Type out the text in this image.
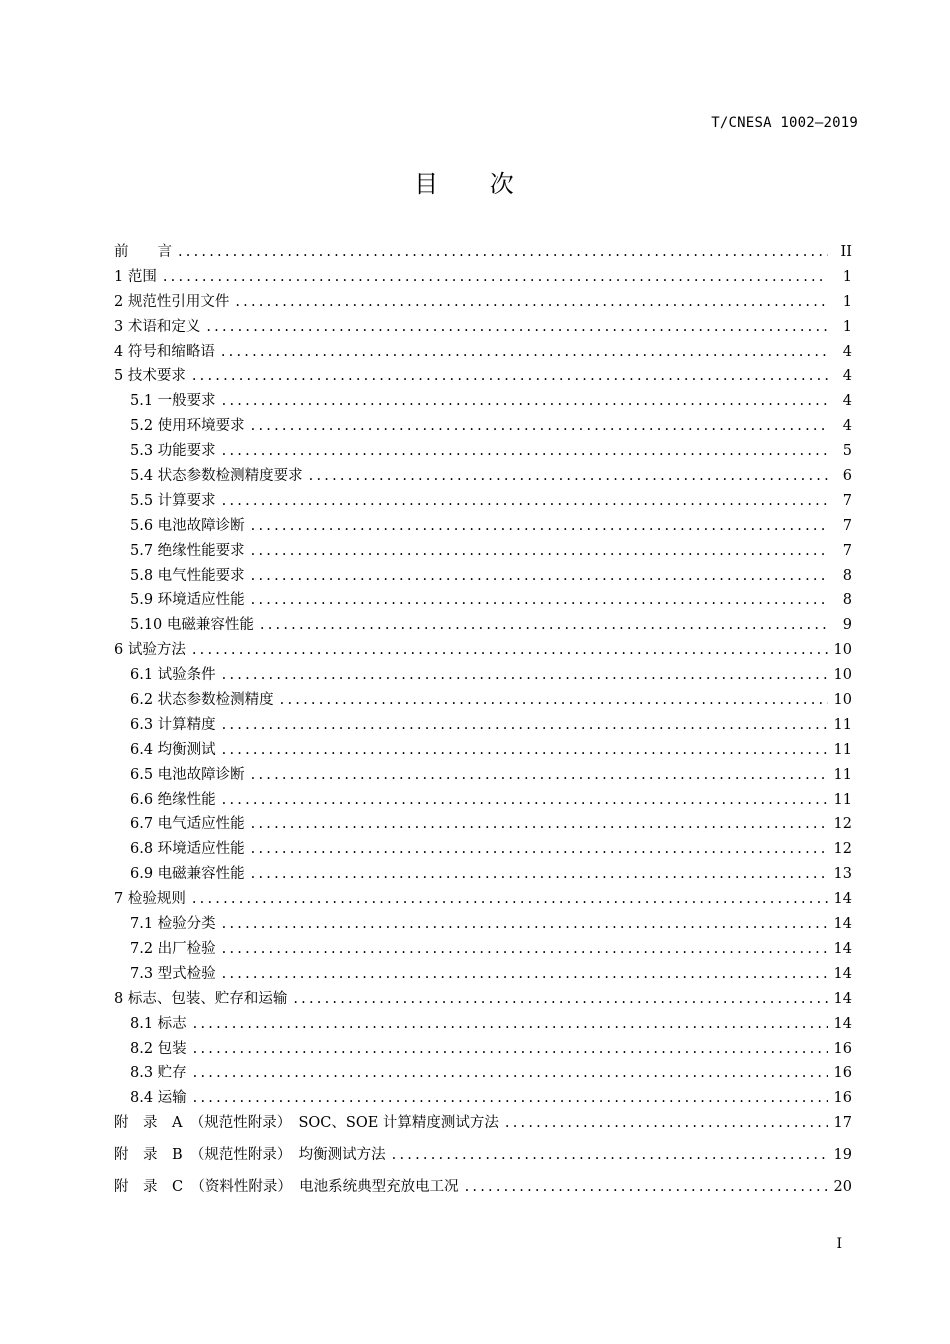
T/CNESA 1002—2019
目 次
前　　言 .....	II
1 范围 .....	1
2 规范性引用文件 .....	1
3 术语和定义 .....	1
4 符号和缩略语 .....	4
5 技术要求 .....	4
5.1 一般要求 .....	4
5.2 使用环境要求 .....	4
5.3 功能要求 .....	5
5.4 状态参数检测精度要求 .....	6
5.5 计算要求 .....	7
5.6 电池故障诊断 .....	7
5.7 绝缘性能要求 .....	7
5.8 电气性能要求 .....	8
5.9 环境适应性能 .....	8
5.10 电磁兼容性能 .....	9
6 试验方法 .....	10
6.1 试验条件 .....	10
6.2 状态参数检测精度 .....	10
6.3 计算精度 .....	11
6.4 均衡测试 .....	11
6.5 电池故障诊断 .....	11
6.6 绝缘性能 .....	11
6.7 电气适应性能 .....	12
6.8 环境适应性能 .....	12
6.9 电磁兼容性能 .....	13
7 检验规则 .....	14
7.1 检验分类 .....	14
7.2 出厂检验 .....	14
7.3 型式检验 .....	14
8 标志、包装、贮存和运输 .....	14
8.1 标志 .....	14
8.2 包装 .....	16
8.3 贮存 .....	16
8.4 运输 .....	16
附　录　A　（规范性附录）　SOC、SOE 计算精度测试方法 .....	17
附　录　B　（规范性附录）　均衡测试方法 .....	19
附　录　C　（资料性附录）　电池系统典型充放电工况 .....	20
I
